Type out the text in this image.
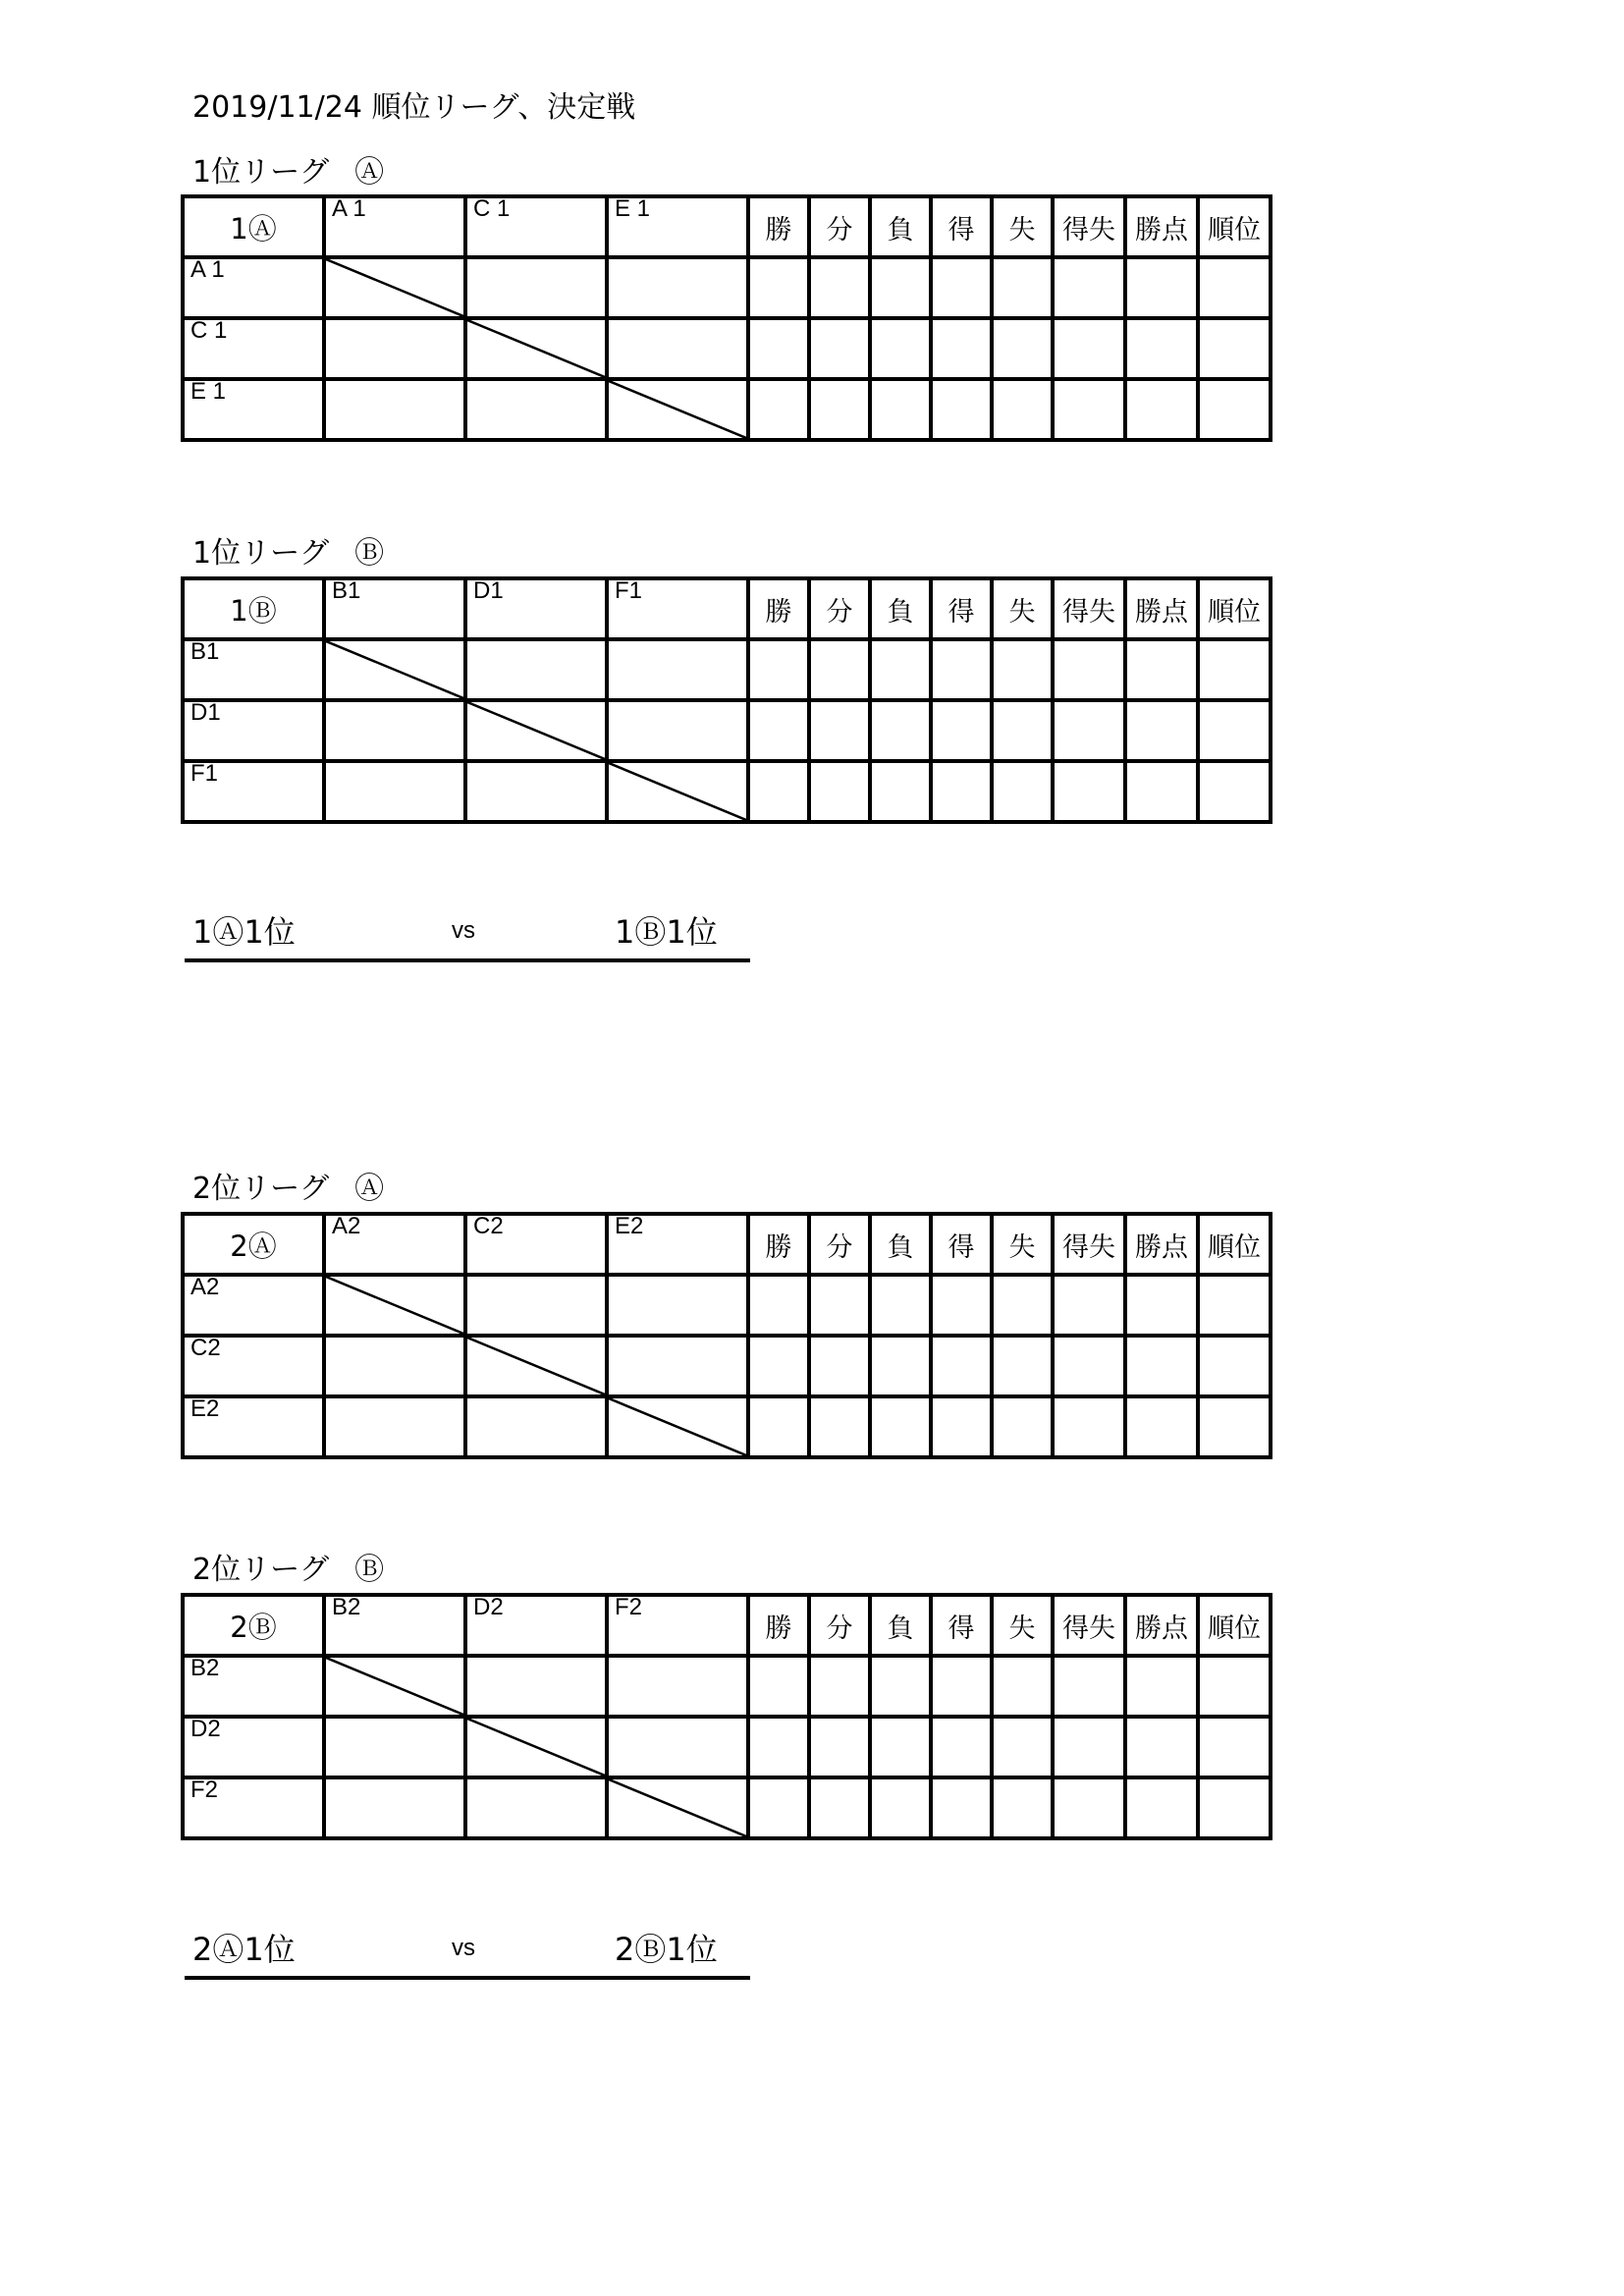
2019/11/24 順位リーグ、決定戦
1位リーグ Ⓐ
1位リーグ Ⓑ
2位リーグ Ⓐ
2位リーグ Ⓑ
1Ⓐ	A 1	C 1	E 1	勝	分	負	得	失	得失	勝点	順位
A 1	

C 1		

E 1			

1Ⓑ	B1	D1	F1	勝	分	負	得	失	得失	勝点	順位
B1	

D1		

F1			

2Ⓐ	A2	C2	E2	勝	分	負	得	失	得失	勝点	順位
A2	

C2		

E2			

2Ⓑ	B2	D2	F2	勝	分	負	得	失	得失	勝点	順位
B2	

D2		

F2			

1Ⓐ1位	vs	1Ⓑ1位
2Ⓐ1位	vs	2Ⓑ1位
